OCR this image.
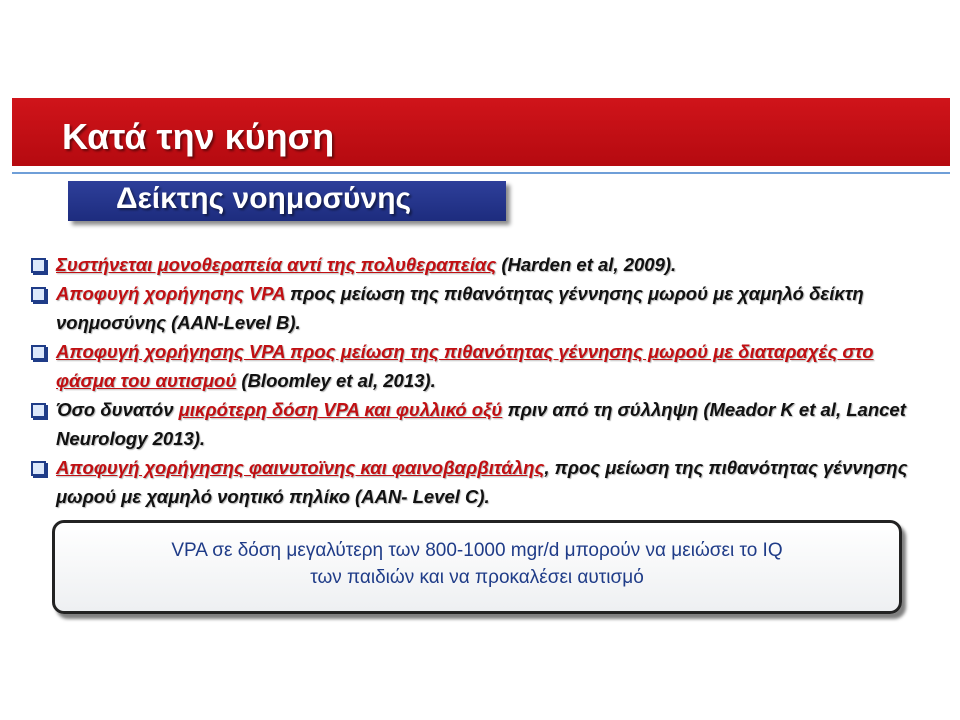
Κατά την κύηση
Δείκτης νοημοσύνης
Συστήνεται μονοθεραπεία αντί της πολυθεραπείας (Harden et al, 2009).
Αποφυγή χορήγησης VPA προς μείωση της πιθανότητας γέννησης μωρού με χαμηλό δείκτη νοημοσύνης (AAN-Level B).
Αποφυγή χορήγησης VPA προς μείωση της πιθανότητας γέννησης μωρού με διαταραχές στο φάσμα του αυτισμού (Bloomley et al, 2013).
Όσο δυνατόν μικρότερη δόση VPA και φυλλικό οξύ πριν από τη σύλληψη (Meador K et al, Lancet Neurology 2013).
Αποφυγή χορήγησης φαινυτοϊνης και φαινοβαρβιτάλης, προς μείωση της πιθανότητας γέννησης μωρού με χαμηλό νοητικό πηλίκο (AAN- Level C).
VPA σε δόση μεγαλύτερη των 800-1000 mgr/d μπορούν να μειώσει το IQ
των παιδιών και να προκαλέσει αυτισμό
